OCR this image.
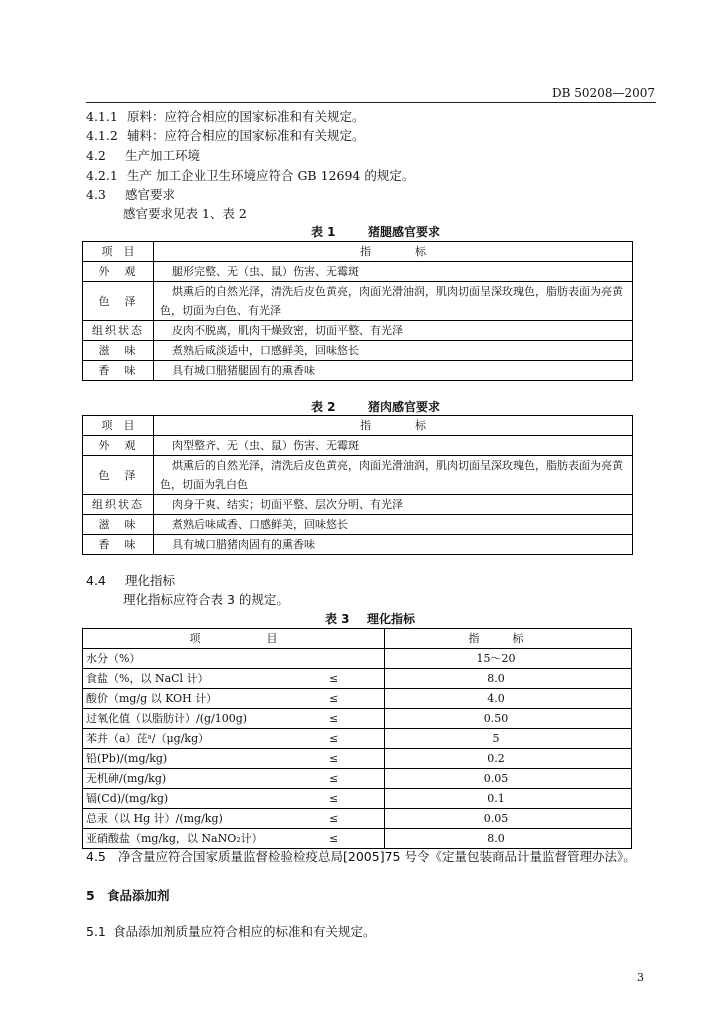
DB 50208—2007
4.1.1 原料：应符合相应的国家标准和有关规定。
4.1.2 辅料：应符合相应的国家标准和有关规定。
4.2 生产加工环境
4.2.1 生产 加工企业卫生环境应符合 GB 12694 的规定。
4.3 感官要求
感官要求见表 1、表 2
表 1	猪腿感官要求
项　目	指　　　　标
外　观	腿形完整、无（虫、鼠）伤害、无霉斑
色　泽	烘熏后的自然光泽，清洗后皮色黄亮，肉面光滑油润，肌肉切面呈深玫瑰色，脂肪表面为亮黄色，切面为白色、有光泽
组织状态	皮肉不脱离，肌肉干燥致密，切面平整、有光泽
滋　味	煮熟后咸淡适中，口感鲜美，回味悠长
香　味	具有城口腊猪腿固有的熏香味
表 2	猪肉感官要求
项　目	指　　　　标
外　观	肉型整齐、无（虫、鼠）伤害、无霉斑
色　泽	烘熏后的自然光泽，清洗后皮色黄亮，肉面光滑油润，肌肉切面呈深玫瑰色，脂肪表面为亮黄色，切面为乳白色
组织状态	肉身干爽、结实；切面平整、层次分明、有光泽
滋　味	煮熟后味咸香、口感鲜美，回味悠长
香　味	具有城口腊猪肉固有的熏香味
4.4 理化指标
理化指标应符合表 3 的规定。
表 3 理化指标
项　　　　　　目	指　　　标
水分（%）	15～20
食盐（%，以 NaCl 计） ≤	8.0
酸价（mg/g 以 KOH 计） ≤	4.0
过氧化值（以脂肪计）/(g/100g) ≤	0.50
苯并（a）芘ᵃ/（μg/kg） ≤	5
铅(Pb)/(mg/kg) ≤	0.2
无机砷/(mg/kg) ≤	0.05
镉(Cd)/(mg/kg) ≤	0.1
总汞（以 Hg 计）/(mg/kg) ≤	0.05
亚硝酸盐（mg/kg，以 NaNO₂计） ≤	8.0
4.5 净含量应符合国家质量监督检验检疫总局[2005]75 号令《定量包装商品计量监督管理办法》。
5 食品添加剂
5.1 食品添加剂质量应符合相应的标准和有关规定。
3
